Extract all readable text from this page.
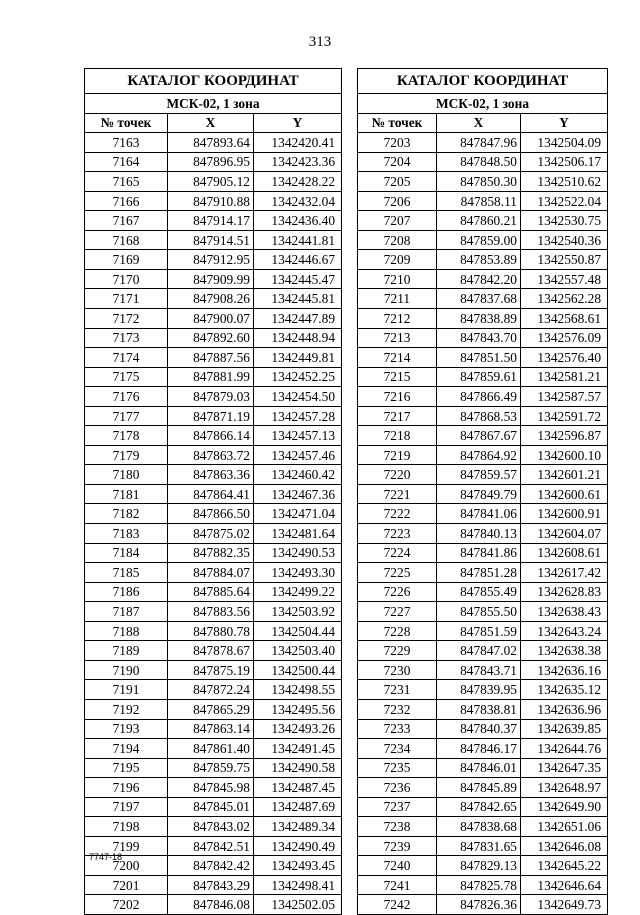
313
КАТАЛОГ КООРДИНАТ		
МСК-02, 1 зона		
№ точек	X	Y
7163	847893.64	1342420.41
7164	847896.95	1342423.36
7165	847905.12	1342428.22
7166	847910.88	1342432.04
7167	847914.17	1342436.40
7168	847914.51	1342441.81
7169	847912.95	1342446.67
7170	847909.99	1342445.47
7171	847908.26	1342445.81
7172	847900.07	1342447.89
7173	847892.60	1342448.94
7174	847887.56	1342449.81
7175	847881.99	1342452.25
7176	847879.03	1342454.50
7177	847871.19	1342457.28
7178	847866.14	1342457.13
7179	847863.72	1342457.46
7180	847863.36	1342460.42
7181	847864.41	1342467.36
7182	847866.50	1342471.04
7183	847875.02	1342481.64
7184	847882.35	1342490.53
7185	847884.07	1342493.30
7186	847885.64	1342499.22
7187	847883.56	1342503.92
7188	847880.78	1342504.44
7189	847878.67	1342503.40
7190	847875.19	1342500.44
7191	847872.24	1342498.55
7192	847865.29	1342495.56
7193	847863.14	1342493.26
7194	847861.40	1342491.45
7195	847859.75	1342490.58
7196	847845.98	1342487.45
7197	847845.01	1342487.69
7198	847843.02	1342489.34
7199	847842.51	1342490.49
7200	847842.42	1342493.45
7201	847843.29	1342498.41
7202	847846.08	1342502.05
КАТАЛОГ КООРДИНАТ		
МСК-02, 1 зона		
№ точек	X	Y
7203	847847.96	1342504.09
7204	847848.50	1342506.17
7205	847850.30	1342510.62
7206	847858.11	1342522.04
7207	847860.21	1342530.75
7208	847859.00	1342540.36
7209	847853.89	1342550.87
7210	847842.20	1342557.48
7211	847837.68	1342562.28
7212	847838.89	1342568.61
7213	847843.70	1342576.09
7214	847851.50	1342576.40
7215	847859.61	1342581.21
7216	847866.49	1342587.57
7217	847868.53	1342591.72
7218	847867.67	1342596.87
7219	847864.92	1342600.10
7220	847859.57	1342601.21
7221	847849.79	1342600.61
7222	847841.06	1342600.91
7223	847840.13	1342604.07
7224	847841.86	1342608.61
7225	847851.28	1342617.42
7226	847855.49	1342628.83
7227	847855.50	1342638.43
7228	847851.59	1342643.24
7229	847847.02	1342638.38
7230	847843.71	1342636.16
7231	847839.95	1342635.12
7232	847838.81	1342636.96
7233	847840.37	1342639.85
7234	847846.17	1342644.76
7235	847846.01	1342647.35
7236	847845.89	1342648.97
7237	847842.65	1342649.90
7238	847838.68	1342651.06
7239	847831.65	1342646.08
7240	847829.13	1342645.22
7241	847825.78	1342646.64
7242	847826.36	1342649.73
7747-18
